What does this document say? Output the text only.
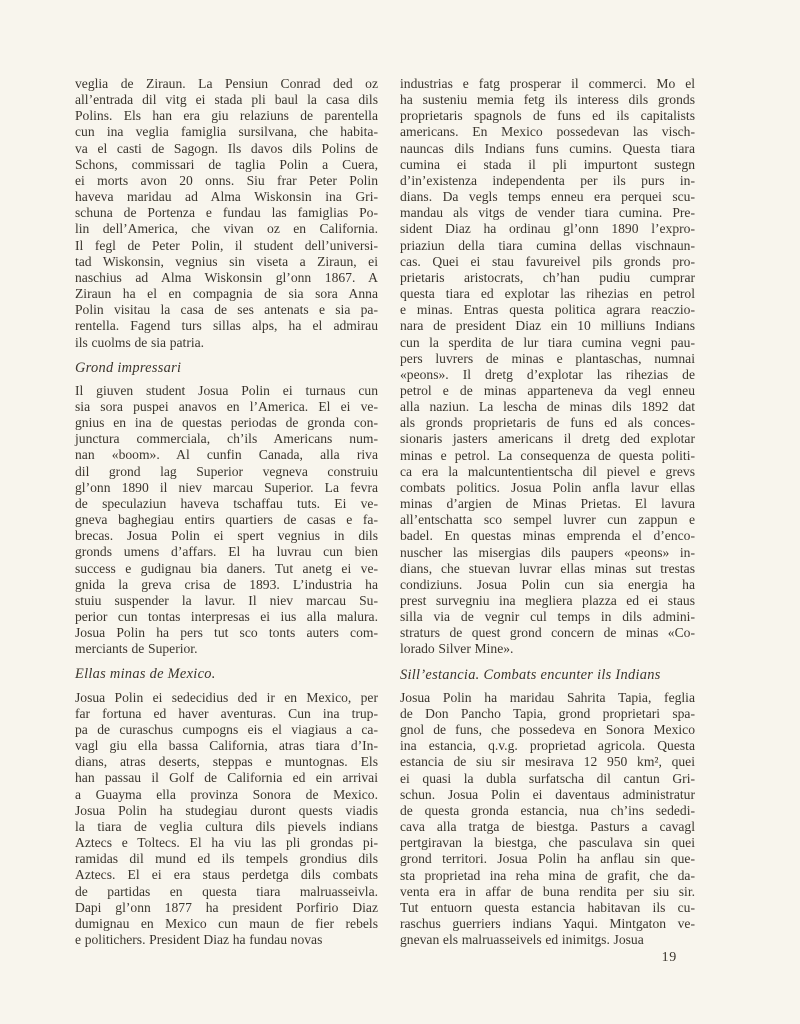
veglia de Ziraun. La Pensiun Conrad ded oz
all’entrada dil vitg ei stada pli baul la casa dils
Polins. Els han era giu relaziuns de parentella
cun ina veglia famiglia sursilvana, che habita-
va el casti de Sagogn. Ils davos dils Polins de
Schons, commissari de taglia Polin a Cuera,
ei morts avon 20 onns. Siu frar Peter Polin
haveva maridau ad Alma Wiskonsin ina Gri-
schuna de Portenza e fundau las famiglias Po-
lin dell’America, che vivan oz en California.
Il fegl de Peter Polin, il student dell’universi-
tad Wiskonsin, vegnius sin viseta a Ziraun, ei
naschius ad Alma Wiskonsin gl’onn 1867. A
Ziraun ha el en compagnia de sia sora Anna
Polin visitau la casa de ses antenats e sia pa-
rentella. Fagend turs sillas alps, ha el admirau
ils cuolms de sia patria.
Grond impressari
Il giuven student Josua Polin ei turnaus cun
sia sora puspei anavos en l’America. El ei ve-
gnius en ina de questas periodas de gronda con-
junctura commerciala, ch’ils Americans num-
nan «boom». Al cunfin Canada, alla riva
dil grond lag Superior vegneva construiu
gl’onn 1890 il niev marcau Superior. La fevra
de speculaziun haveva tschaffau tuts. Ei ve-
gneva baghegiau entirs quartiers de casas e fa-
brecas. Josua Polin ei spert vegnius in dils
gronds umens d’affars. El ha luvrau cun bien
success e gudignau bia daners. Tut anetg ei ve-
gnida la greva crisa de 1893. L’industria ha
stuiu suspender la lavur. Il niev marcau Su-
perior cun tontas interpresas ei ius alla malura.
Josua Polin ha pers tut sco tonts auters com-
merciants de Superior.
Ellas minas de Mexico.
Josua Polin ei sedecidius ded ir en Mexico, per
far fortuna ed haver aventuras. Cun ina trup-
pa de curaschus cumpogns eis el viagiaus a ca-
vagl giu ella bassa California, atras tiara d’In-
dians, atras deserts, steppas e muntognas. Els
han passau il Golf de California ed ein arrivai
a Guayma ella provinza Sonora de Mexico.
Josua Polin ha studegiau duront quests viadis
la tiara de veglia cultura dils pievels indians
Aztecs e Toltecs. El ha viu las pli grondas pi-
ramidas dil mund ed ils tempels grondius dils
Aztecs. El ei era staus perdetga dils combats
de partidas en questa tiara malruasseivla.
Dapi gl’onn 1877 ha president Porfirio Diaz
dumignau en Mexico cun maun de fier rebels
e politichers. President Diaz ha fundau novas
industrias e fatg prosperar il commerci. Mo el
ha susteniu memia fetg ils interess dils gronds
proprietaris spagnols de funs ed ils capitalists
americans. En Mexico possedevan las visch-
nauncas dils Indians funs cumins. Questa tiara
cumina ei stada il pli impurtont sustegn
d’in’existenza independenta per ils purs in-
dians. Da vegls temps enneu era perquei scu-
mandau als vitgs de vender tiara cumina. Pre-
sident Diaz ha ordinau gl’onn 1890 l’expro-
priaziun della tiara cumina dellas vischnaun-
cas. Quei ei stau favureivel pils gronds pro-
prietaris aristocrats, ch’han pudiu cumprar
questa tiara ed explotar las rihezias en petrol
e minas. Entras questa politica agrara reaczio-
nara de president Diaz ein 10 milliuns Indians
cun la sperdita de lur tiara cumina vegni pau-
pers luvrers de minas e plantaschas, numnai
«peons». Il dretg d’explotar las rihezias de
petrol e de minas apparteneva da vegl enneu
alla naziun. La lescha de minas dils 1892 dat
als gronds proprietaris de funs ed als conces-
sionaris jasters americans il dretg ded explotar
minas e petrol. La consequenza de questa politi-
ca era la malcuntentientscha dil pievel e grevs
combats politics. Josua Polin anfla lavur ellas
minas d’argien de Minas Prietas. El lavura
all’entschatta sco sempel luvrer cun zappun e
badel. En questas minas emprenda el d’enco-
nuscher las misergias dils paupers «peons» in-
dians, che stuevan luvrar ellas minas sut trestas
condiziuns. Josua Polin cun sia energia ha
prest survegniu ina megliera plazza ed ei staus
silla via de vegnir cul temps in dils admini-
straturs de quest grond concern de minas «Co-
lorado Silver Mine».
Sill’estancia. Combats encunter ils Indians
Josua Polin ha maridau Sahrita Tapia, feglia
de Don Pancho Tapia, grond proprietari spa-
gnol de funs, che possedeva en Sonora Mexico
ina estancia, q.v.g. proprietad agricola. Questa
estancia de siu sir mesirava 12 950 km², quei
ei quasi la dubla surfatscha dil cantun Gri-
schun. Josua Polin ei daventaus administratur
de questa gronda estancia, nua ch’ins sededi-
cava alla tratga de biestga. Pasturs a cavagl
pertgiravan la biestga, che pasculava sin quei
grond territori. Josua Polin ha anflau sin que-
sta proprietad ina reha mina de grafit, che da-
venta era in affar de buna rendita per siu sir.
Tut entuorn questa estancia habitavan ils cu-
raschus guerriers indians Yaqui. Mintgaton ve-
gnevan els malruasseivels ed inimitgs. Josua
19
